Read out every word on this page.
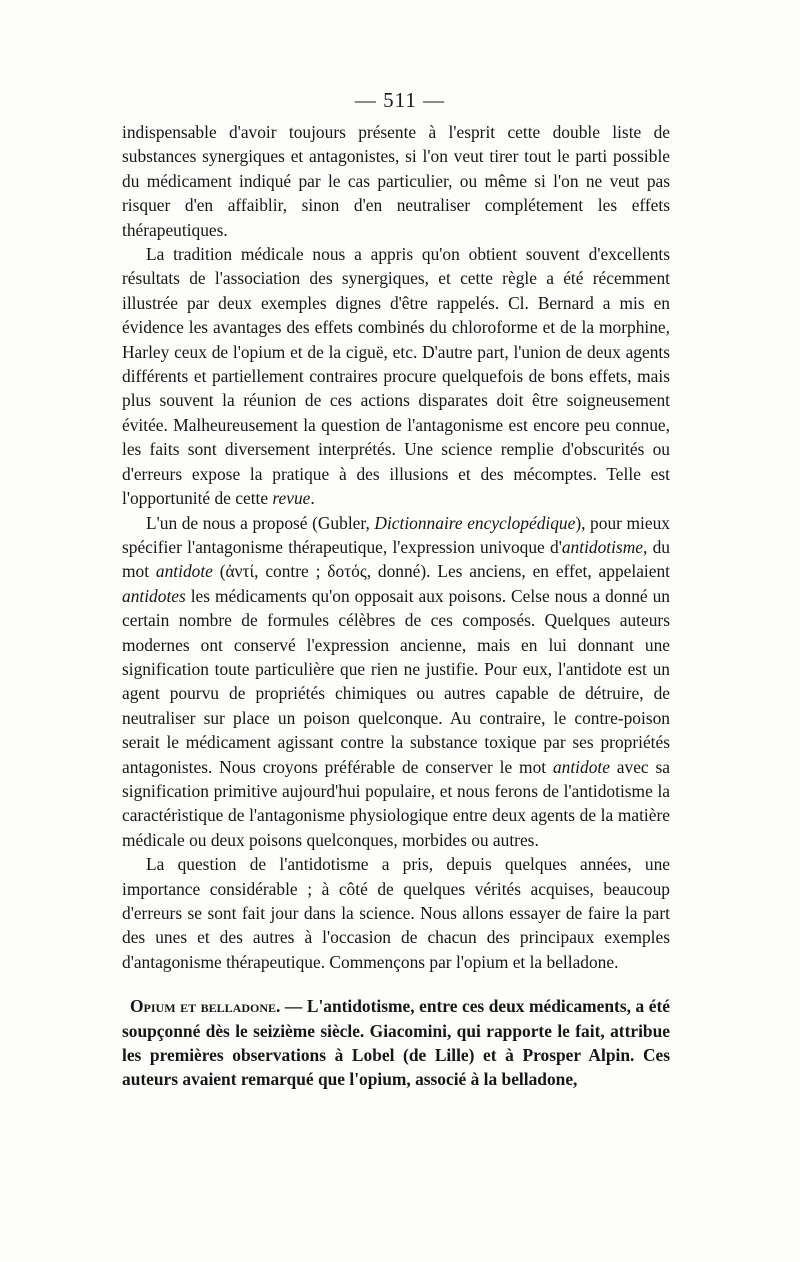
— 511 —

indispensable d'avoir toujours présente à l'esprit cette double liste de substances synergiques et antagonistes, si l'on veut tirer tout le parti possible du médicament indiqué par le cas particulier, ou même si l'on ne veut pas risquer d'en affaiblir, sinon d'en neutraliser complétement les effets thérapeutiques.

La tradition médicale nous a appris qu'on obtient souvent d'excellents résultats de l'association des synergiques, et cette règle a été récemment illustrée par deux exemples dignes d'être rappelés. Cl. Bernard a mis en évidence les avantages des effets combinés du chloroforme et de la morphine, Harley ceux de l'opium et de la ciguë, etc. D'autre part, l'union de deux agents différents et partiellement contraires procure quelquefois de bons effets, mais plus souvent la réunion de ces actions disparates doit être soigneusement évitée. Malheureusement la question de l'antagonisme est encore peu connue, les faits sont diversement interprétés. Une science remplie d'obscurités ou d'erreurs expose la pratique à des illusions et des mécomptes. Telle est l'opportunité de cette revue.

L'un de nous a proposé (Gubler, Dictionnaire encyclopédique), pour mieux spécifier l'antagonisme thérapeutique, l'expression univoque d'antidotisme, du mot antidote (ἀντί, contre ; δοτός, donné). Les anciens, en effet, appelaient antidotes les médicaments qu'on opposait aux poisons. Celse nous a donné un certain nombre de formules célèbres de ces composés. Quelques auteurs modernes ont conservé l'expression ancienne, mais en lui donnant une signification toute particulière que rien ne justifie. Pour eux, l'antidote est un agent pourvu de propriétés chimiques ou autres capable de détruire, de neutraliser sur place un poison quelconque. Au contraire, le contre-poison serait le médicament agissant contre la substance toxique par ses propriétés antagonistes. Nous croyons préférable de conserver le mot antidote avec sa signification primitive aujourd'hui populaire, et nous ferons de l'antidotisme la caractéristique de l'antagonisme physiologique entre deux agents de la matière médicale ou deux poisons quelconques, morbides ou autres.

La question de l'antidotisme a pris, depuis quelques années, une importance considérable ; à côté de quelques vérités acquises, beaucoup d'erreurs se sont fait jour dans la science. Nous allons essayer de faire la part des unes et des autres à l'occasion de chacun des principaux exemples d'antagonisme thérapeutique. Commençons par l'opium et la belladone.

Opium et belladone. — L'antidotisme, entre ces deux médicaments, a été soupçonné dès le seizième siècle. Giacomini, qui rapporte le fait, attribue les premières observations à Lobel (de Lille) et à Prosper Alpin. Ces auteurs avaient remarqué que l'opium, associé à la belladone,
